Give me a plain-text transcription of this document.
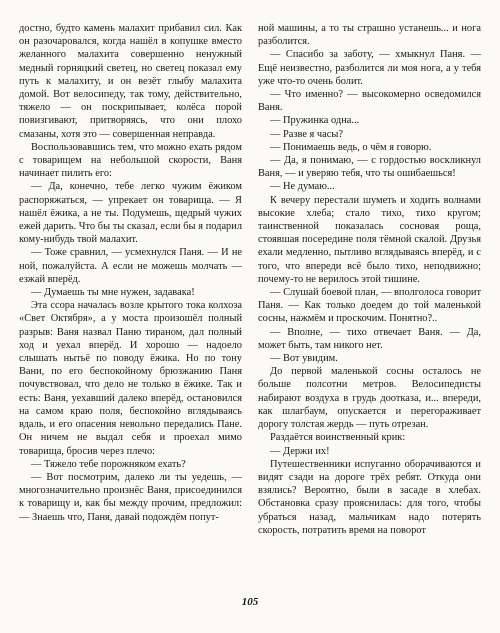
достно, будто камень малахит прибавил сил. Как он разочаровался, когда нашёл в копушке вместо желанного малахита совершенно ненужный медный горняцкий светец, но светец показал ему путь к малахиту, и он везёт глыбу малахита домой. Вот велосипеду, так тому, действительно, тяжело — он поскрипывает, колёса порой повизгивают, притворяясь, что они плохо смазаны, хотя это — совершенная неправда.

Воспользовавшись тем, что можно ехать рядом с товарищем на небольшой скорости, Ваня начинает пилить его:

— Да, конечно, тебе легко чужим ёжиком распоряжаться, — упрекает он товарища. — Я нашёл ёжика, а не ты. Подумешь, щедрый чужих ежей дарить. Что бы ты сказал, если бы я подарил кому-нибудь твой малахит.

— Тоже сравнил, — усмехнулся Паня. — И не ной, пожалуйста. А если не можешь молчать — езжай вперёд.

— Думаешь ты мне нужен, задавака!

Эта ссора началась возле крытого тока колхоза «Свет Октября», а у моста произошёл полный разрыв: Ваня назвал Паню тираном, дал полный ход и уехал вперёд. И хорошо — надоело слышать нытьё по поводу ёжика. Но по тону Вани, по его беспокойному брюзжанию Паня почувствовал, что дело не только в ёжике. Так и есть: Ваня, уехавший далеко вперёд, остановился на самом краю поля, беспокойно вглядываясь вдаль, и его опасения невольно передались Пане. Он ничем не выдал себя и проехал мимо товарища, бросив через плечо:

— Тяжело тебе порожняком ехать?

— Вот посмотрим, далеко ли ты уедешь, — многозначительно произнёс Ваня, присоединился к товарищу и, как бы между прочим, предложил: — Знаешь что, Паня, давай подождём попут-

ной машины, а то ты страшно устанешь... и нога разболится.

— Спасибо за заботу, — хмыкнул Паня. — Ещё неизвестно, разболится ли моя нога, а у тебя уже что-то очень болит.

— Что именно? — высокомерно осведомился Ваня.

— Пружинка одна...

— Разве я часы?

— Понимаешь ведь, о чём я говорю.

— Да, я понимаю, — с гордостью воскликнул Ваня, — и уверяю тебя, что ты ошибаешься!

— Не думаю...

К вечеру перестали шуметь и ходить волнами высокие хлеба; стало тихо, тихо кругом; таинственной показалась сосновая роща, стоявшая посередине поля тёмной скалой. Друзья ехали медленно, пытливо вглядываясь вперёд, и с того, что впереди всё было тихо, неподвижно; почему-то не верилось этой тишине.

— Слушай боевой план, — вполголоса говорит Паня. — Как только доедем до той маленькой сосны, нажмём и проскочим. Понятно?..

— Вполне, — тихо отвечает Ваня. — Да, может быть, там никого нет.

— Вот увидим.

До первой маленькой сосны осталось не больше полсотни метров. Велосипедисты набирают воздуха в грудь доотказа, и... впереди, как шлагбаум, опускается и перегораживает дорогу толстая жердь — путь отрезан.

Раздаётся воинственный крик:

— Держи их!

Путешественники испуганно оборачиваются и видят сзади на дороге трёх ребят. Откуда они взялись? Вероятно, были в засаде в хлебах. Обстановка сразу прояснилась: для того, чтобы убраться назад, мальчикам надо потерять скорость, потратить время на поворот

105
